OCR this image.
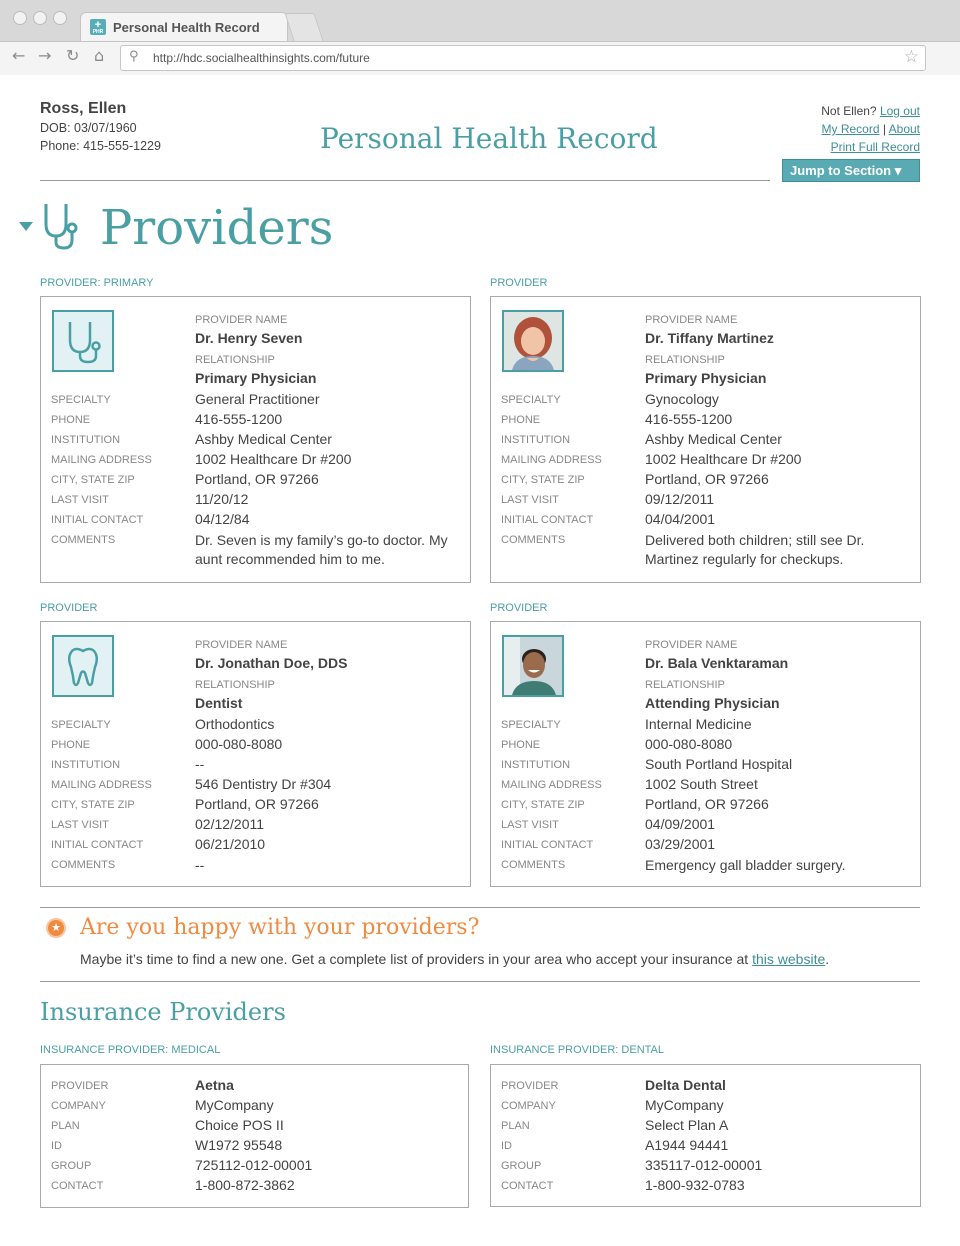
+
PHR Personal Health Record
← → ↻ ⌂ ⚲ http://hdc.socialhealthinsights.com/future	☆
Ross, Ellen
DOB: 03/07/1960
Phone: 415-555-1229	Personal Health Record
Not Ellen? Log out
My Record | About
Print Full Record
Jump to Section ▾
Providers
PROVIDER: PRIMARY
PROVIDER NAME
Dr. Henry Seven
RELATIONSHIP
Primary Physician
SPECIALTY	General Practitioner
PHONE	416-555-1200
INSTITUTION	Ashby Medical Center
MAILING ADDRESS	1002 Healthcare Dr #200
CITY, STATE ZIP	Portland, OR 97266
LAST VISIT	11/20/12
INITIAL CONTACT	04/12/84
COMMENTS	Dr. Seven is my family’s go-to doctor. My aunt recommended him to me.
PROVIDER
PROVIDER NAME
Dr. Tiffany Martinez
RELATIONSHIP
Primary Physician
SPECIALTY	Gynocology
PHONE	416-555-1200
INSTITUTION	Ashby Medical Center
MAILING ADDRESS	1002 Healthcare Dr #200
CITY, STATE ZIP	Portland, OR 97266
LAST VISIT	09/12/2011
INITIAL CONTACT	04/04/2001
COMMENTS	Delivered both children; still see Dr. Martinez regularly for checkups.
PROVIDER
PROVIDER NAME
Dr. Jonathan Doe, DDS
RELATIONSHIP
Dentist
SPECIALTY	Orthodontics
PHONE	000-080-8080
INSTITUTION	--
MAILING ADDRESS	546 Dentistry Dr #304
CITY, STATE ZIP	Portland, OR 97266
LAST VISIT	02/12/2011
INITIAL CONTACT	06/21/2010
COMMENTS	--
PROVIDER
PROVIDER NAME
Dr. Bala Venktaraman
RELATIONSHIP
Attending Physician
SPECIALTY	Internal Medicine
PHONE	000-080-8080
INSTITUTION	South Portland Hospital
MAILING ADDRESS	1002 South Street
CITY, STATE ZIP	Portland, OR 97266
LAST VISIT	04/09/2001
INITIAL CONTACT	03/29/2001
COMMENTS	Emergency gall bladder surgery.
★ Are you happy with your providers?
Maybe it’s time to find a new one. Get a complete list of providers in your area who accept your insurance at this website.
Insurance Providers
INSURANCE PROVIDER: MEDICAL
PROVIDER	Aetna
COMPANY	MyCompany
PLAN	Choice POS II
ID	W1972 95548
GROUP	725112-012-00001
CONTACT	1-800-872-3862
INSURANCE PROVIDER: DENTAL
PROVIDER	Delta Dental
COMPANY	MyCompany
PLAN	Select Plan A
ID	A1944 94441
GROUP	335117-012-00001
CONTACT	1-800-932-0783
